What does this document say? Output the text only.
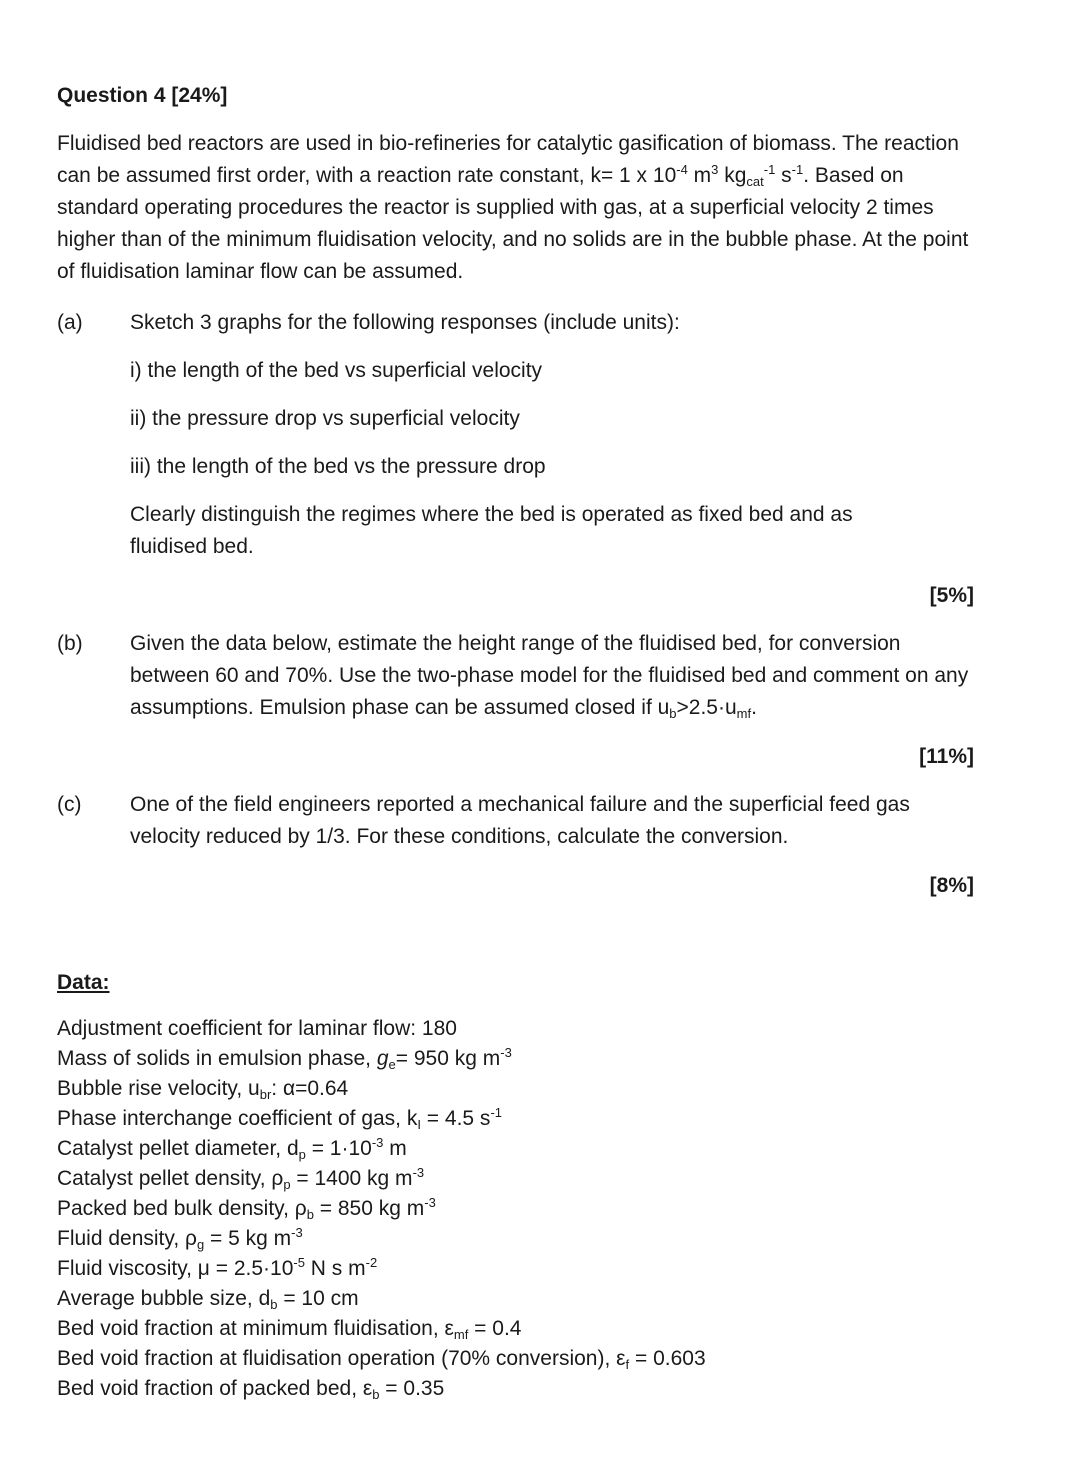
Question 4 [24%]
Fluidised bed reactors are used in bio-refineries for catalytic gasification of biomass. The reaction can be assumed first order, with a reaction rate constant, k= 1 x $10^{-4}$ $m^3$ $kg_{cat}^{-1}$ $s^{-1}$. Based on standard operating procedures the reactor is supplied with gas, at a superficial velocity 2 times higher than of the minimum fluidisation velocity, and no solids are in the bubble phase. At the point of fluidisation laminar flow can be assumed.
(a) Sketch 3 graphs for the following responses (include units):
i) the length of the bed vs superficial velocity
ii) the pressure drop vs superficial velocity
iii) the length of the bed vs the pressure drop
Clearly distinguish the regimes where the bed is operated as fixed bed and as fluidised bed.
[5%]
(b) Given the data below, estimate the height range of the fluidised bed, for conversion between 60 and 70%. Use the two-phase model for the fluidised bed and comment on any assumptions. Emulsion phase can be assumed closed if $u_b>2.5\cdot u_{mf}$.
[11%]
(c) One of the field engineers reported a mechanical failure and the superficial feed gas velocity reduced by 1/3. For these conditions, calculate the conversion.
[8%]
Data:
Adjustment coefficient for laminar flow: 180
Mass of solids in emulsion phase, $g_e= 950$ kg $m^{-3}$
Bubble rise velocity, $u_{br}$: α=0.64
Phase interchange coefficient of gas, $k_I = 4.5$ $s^{-1}$
Catalyst pellet diameter, $d_p = 1\cdot 10^{-3}$ m
Catalyst pellet density, $\rho_p = 1400$ kg $m^{-3}$
Packed bed bulk density, $\rho_b = 850$ kg $m^{-3}$
Fluid density, $\rho_g = 5$ kg $m^{-3}$
Fluid viscosity, $\mu = 2.5\cdot 10^{-5}$ N s $m^{-2}$
Average bubble size, $d_b = 10$ cm
Bed void fraction at minimum fluidisation, $\varepsilon_{mf} = 0.4$
Bed void fraction at fluidisation operation (70% conversion), $\varepsilon_f = 0.603$
Bed void fraction of packed bed, $\varepsilon_b = 0.35$
